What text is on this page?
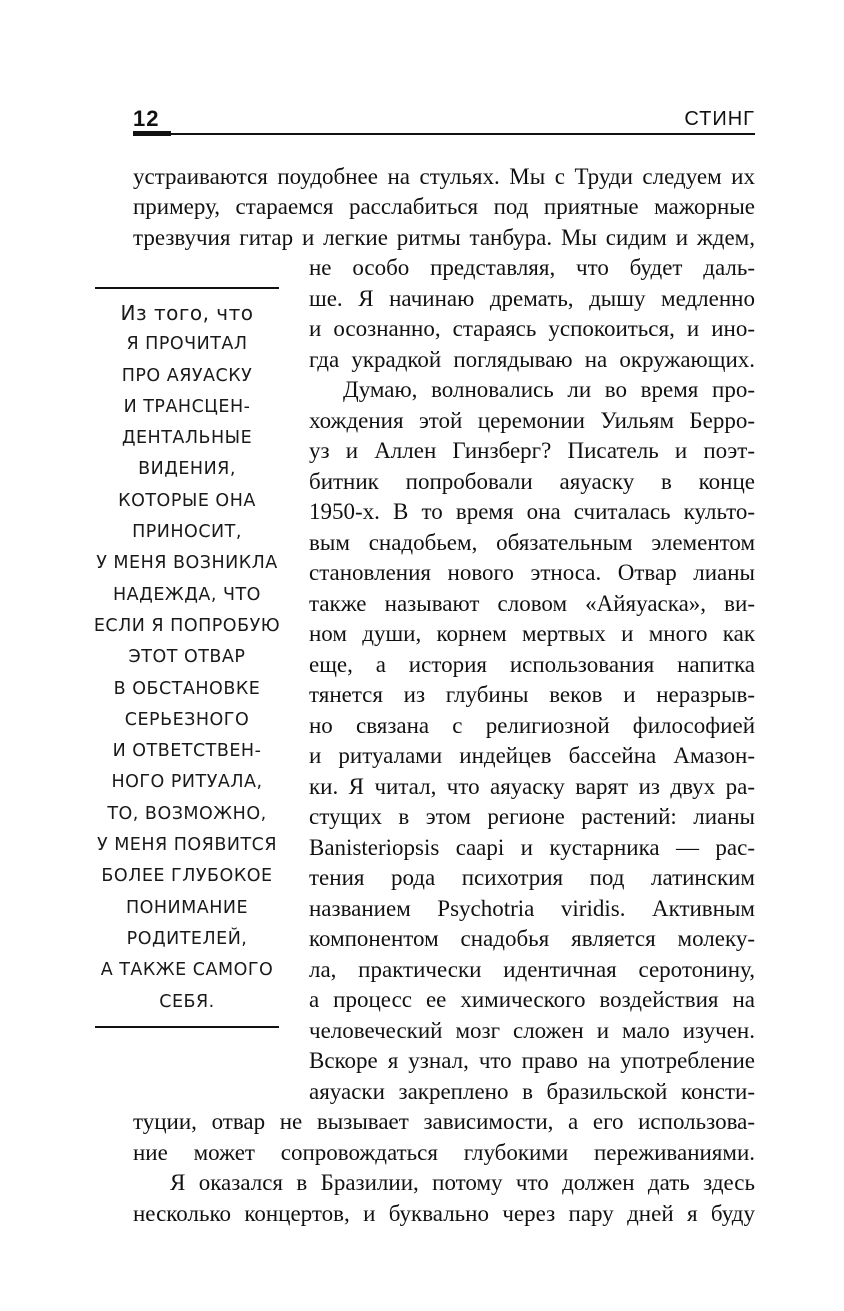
12	СТИНГ
Из того, что
Я ПРОЧИТАЛ
ПРО АЯУАСКУ
И ТРАНСЦЕН-
ДЕНТАЛЬНЫЕ
ВИДЕНИЯ,
КОТОРЫЕ ОНА
ПРИНОСИТ,
У МЕНЯ ВОЗНИКЛА
НАДЕЖДА, ЧТО
ЕСЛИ Я ПОПРОБУЮ
ЭТОТ ОТВАР
В ОБСТАНОВКЕ
СЕРЬЕЗНОГО
И ОТВЕТСТВЕН-
НОГО РИТУАЛА,
ТО, ВОЗМОЖНО,
У МЕНЯ ПОЯВИТСЯ
БОЛЕЕ ГЛУБОКОЕ
ПОНИМАНИЕ
РОДИТЕЛЕЙ,
А ТАКЖЕ САМОГО
СЕБЯ.
устраиваются поудобнее на стульях. Мы с Труди следуем их
примеру, стараемся расслабиться под приятные мажорные
трезвучия гитар и легкие ритмы танбура. Мы сидим и ждем,
не особо представляя, что будет даль-
ше. Я начинаю дремать, дышу медленно
и осознанно, стараясь успокоиться, и ино-
гда украдкой поглядываю на окружающих.
Думаю, волновались ли во время про-
хождения этой церемонии Уильям Берро-
уз и Аллен Гинзберг? Писатель и поэт-
битник попробовали аяуаску в конце
1950-х. В то время она считалась культо-
вым снадобьем, обязательным элементом
становления нового этноса. Отвар лианы
также называют словом «Айяуаска», ви-
ном души, корнем мертвых и много как
еще, а история использования напитка
тянется из глубины веков и неразрыв-
но связана с религиозной философией
и ритуалами индейцев бассейна Амазон-
ки. Я читал, что аяуаску варят из двух ра-
стущих в этом регионе растений: лианы
Banisteriopsis caapi и кустарника — рас-
тения рода психотрия под латинским
названием Psychotria viridis. Активным
компонентом снадобья является молеку-
ла, практически идентичная серотонину,
а процесс ее химического воздействия на
человеческий мозг сложен и мало изучен.
Вскоре я узнал, что право на употребление
аяуаски закреплено в бразильской консти-
туции, отвар не вызывает зависимости, а его использова-
ние может сопровождаться глубокими переживаниями.
Я оказался в Бразилии, потому что должен дать здесь
несколько концертов, и буквально через пару дней я буду
